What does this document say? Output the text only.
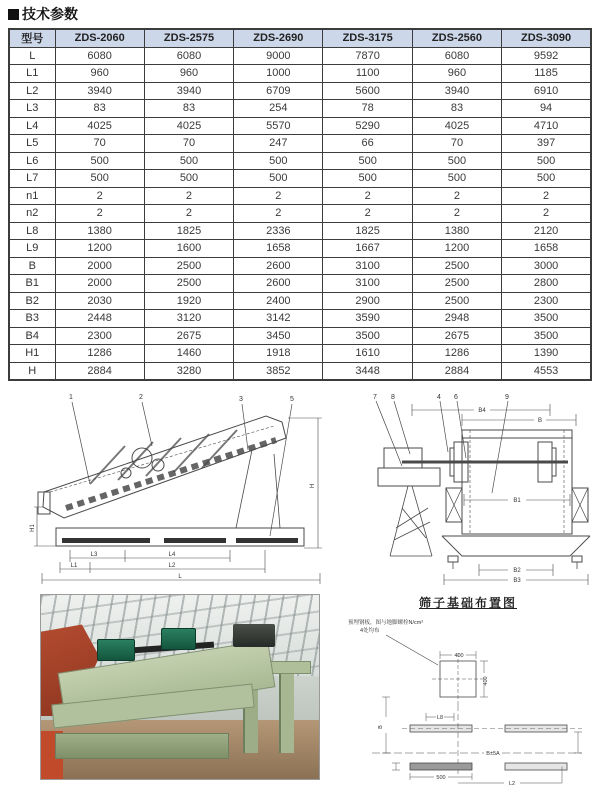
技术参数
型号	ZDS-2060	ZDS-2575	ZDS-2690	ZDS-3175	ZDS-2560	ZDS-3090
L	6080	6080	9000	7870	6080	9592
L1	960	960	1000	1100	960	1185
L2	3940	3940	6709	5600	3940	6910
L3	83	83	254	78	83	94
L4	4025	4025	5570	5290	4025	4710
L5	70	70	247	66	70	397
L6	500	500	500	500	500	500
L7	500	500	500	500	500	500
n1	2	2	2	2	2	2
n2	2	2	2	2	2	2
L8	1380	1825	2336	1825	1380	2120
L9	1200	1600	1658	1667	1200	1658
B	2000	2500	2600	3100	2500	3000
B1	2000	2500	2600	3100	2500	2800
B2	2030	1920	2400	2900	2500	2300
B3	2448	3120	3142	3590	2948	3500
B4	2300	2675	3450	3500	2675	3500
H1	1286	1460	1918	1610	1286	1390
H	2884	3280	3852	3448	2884	4553
1	2	3	5
H
H1
L3	L4
L1	L2
L
7 8	4 6	9
B4
B
B1
B2
B3
筛子基础布置图
预埋钢板，图与地脚螺栓N/cm²
4处均布
400
400
B±5A
L8
B
500
L2
